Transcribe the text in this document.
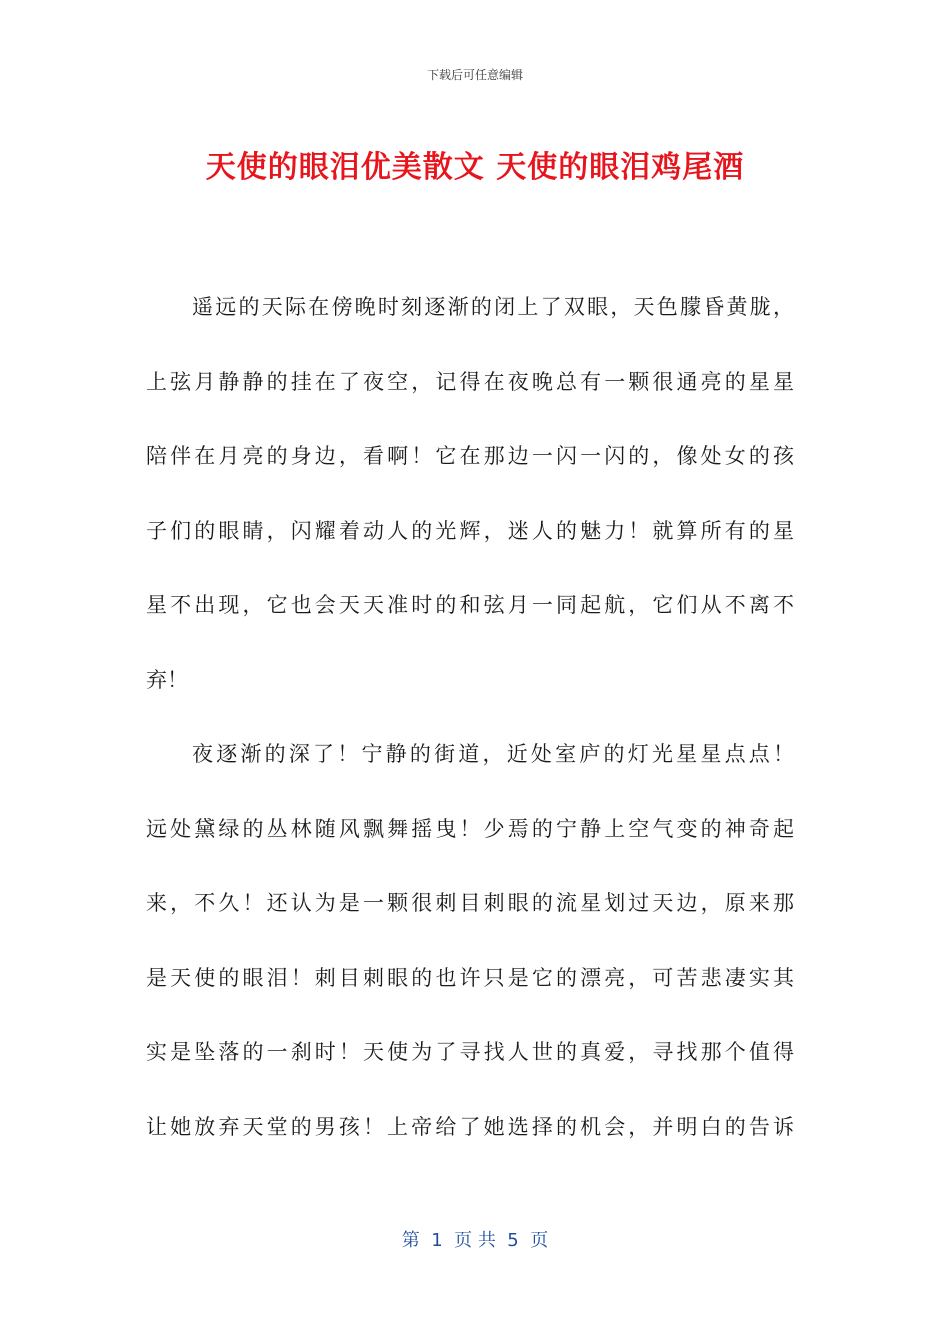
下载后可任意编辑
天使的眼泪优美散文 天使的眼泪鸡尾酒
遥远的天际在傍晚时刻逐渐的闭上了双眼，天色朦昏黄胧，
上弦月静静的挂在了夜空，记得在夜晚总有一颗很通亮的星星
陪伴在月亮的身边，看啊！它在那边一闪一闪的，像处女的孩
子们的眼睛，闪耀着动人的光辉，迷人的魅力！就算所有的星
星不出现，它也会天天准时的和弦月一同起航，它们从不离不
弃！
夜逐渐的深了！宁静的街道，近处室庐的灯光星星点点！
远处黛绿的丛林随风飘舞摇曳！少焉的宁静上空气变的神奇起
来，不久！还认为是一颗很刺目刺眼的流星划过天边，原来那
是天使的眼泪！刺目刺眼的也许只是它的漂亮，可苦悲凄实其
实是坠落的一刹时！天使为了寻找人世的真爱，寻找那个值得
让她放弃天堂的男孩！上帝给了她选择的机会，并明白的告诉
第  1  页 共  5  页
